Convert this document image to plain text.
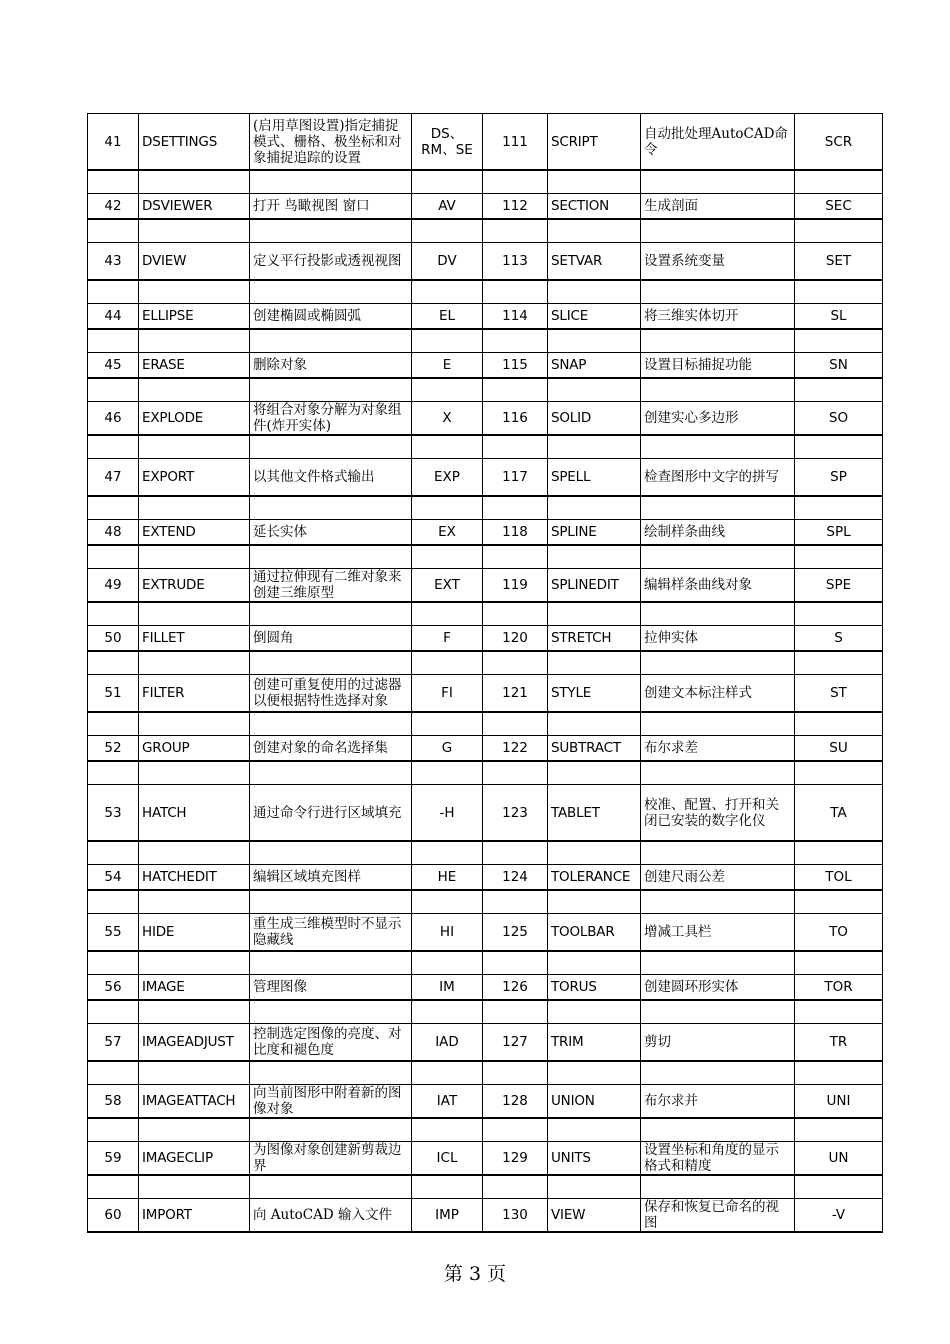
41	DSETTINGS	(启用草图设置)指定捕捉模式、栅格、极坐标和对象捕捉追踪的设置	DS、RM、SE	111	SCRIPT	自动批处理AutoCAD命令	SCR

42	DSVIEWER	打开 鸟瞰视图 窗口	AV	112	SECTION	生成剖面	SEC

43	DVIEW	定义平行投影或透视视图	DV	113	SETVAR	设置系统变量	SET

44	ELLIPSE	创建椭圆或椭圆弧	EL	114	SLICE	将三维实体切开	SL

45	ERASE	删除对象	E	115	SNAP	设置目标捕捉功能	SN

46	EXPLODE	将组合对象分解为对象组件(炸开实体)	X	116	SOLID	创建实心多边形	SO

47	EXPORT	以其他文件格式输出	EXP	117	SPELL	检查图形中文字的拼写	SP

48	EXTEND	延长实体	EX	118	SPLINE	绘制样条曲线	SPL

49	EXTRUDE	通过拉伸现有二维对象来创建三维原型	EXT	119	SPLINEDIT	编辑样条曲线对象	SPE

50	FILLET	倒圆角	F	120	STRETCH	拉伸实体	S

51	FILTER	创建可重复使用的过滤器以便根据特性选择对象	FI	121	STYLE	创建文本标注样式	ST

52	GROUP	创建对象的命名选择集	G	122	SUBTRACT	布尔求差	SU

53	HATCH	通过命令行进行区域填充	-H	123	TABLET	校准、配置、打开和关闭已安装的数字化仪	TA

54	HATCHEDIT	编辑区域填充图样	HE	124	TOLERANCE	创建尺雨公差	TOL

55	HIDE	重生成三维模型时不显示隐藏线	HI	125	TOOLBAR	增减工具栏	TO

56	IMAGE	管理图像	IM	126	TORUS	创建圆环形实体	TOR

57	IMAGEADJUST	控制选定图像的亮度、对比度和褪色度	IAD	127	TRIM	剪切	TR

58	IMAGEATTACH	向当前图形中附着新的图像对象	IAT	128	UNION	布尔求并	UNI

59	IMAGECLIP	为图像对象创建新剪裁边界	ICL	129	UNITS	设置坐标和角度的显示格式和精度	UN

60	IMPORT	向 AutoCAD 输入文件	IMP	130	VIEW	保存和恢复已命名的视图	-V
第 3 页
